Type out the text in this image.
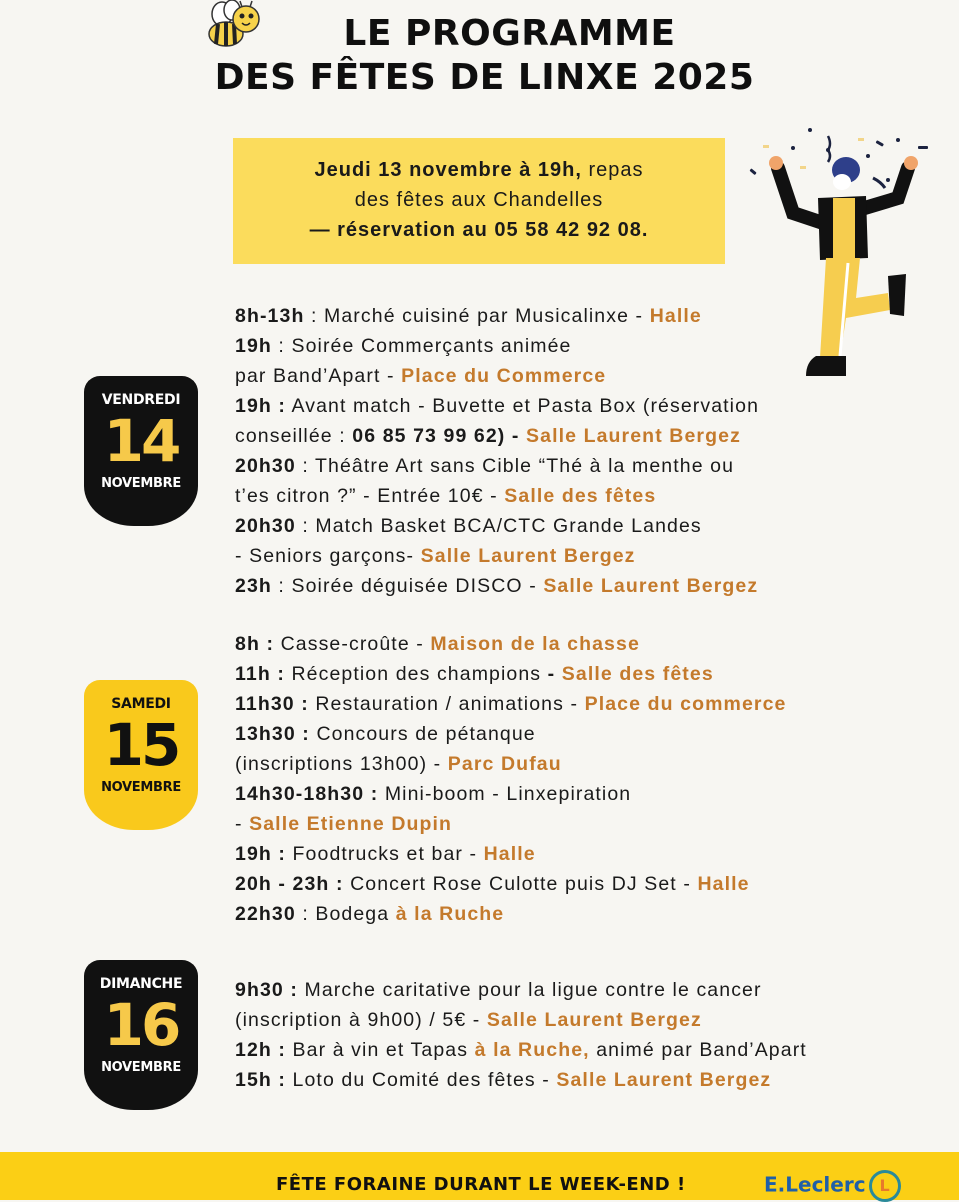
LE PROGRAMME
DES FÊTES DE LINXE 2025
Jeudi 13 novembre à 19h, repas
des fêtes aux Chandelles
— réservation au 05 58 42 92 08.
VENDREDI
14
NOVEMBRE
SAMEDI
15
NOVEMBRE
DIMANCHE
16
NOVEMBRE
8h-13h : Marché cuisiné par Musicalinxe - Halle
19h : Soirée Commerçants animée
par Band’Apart - Place du Commerce
19h : Avant match - Buvette et Pasta Box (réservation
conseillée : 06 85 73 99 62) - Salle Laurent Bergez
20h30 : Théâtre Art sans Cible “Thé à la menthe ou
t’es citron ?” - Entrée 10€ - Salle des fêtes
20h30 : Match Basket BCA/CTC Grande Landes
- Seniors garçons- Salle Laurent Bergez
23h : Soirée déguisée DISCO - Salle Laurent Bergez
8h : Casse-croûte - Maison de la chasse
11h : Réception des champions - Salle des fêtes
11h30 : Restauration / animations - Place du commerce
13h30 : Concours de pétanque
(inscriptions 13h00) - Parc Dufau
14h30-18h30 : Mini-boom - Linxepiration
- Salle Etienne Dupin
19h : Foodtrucks et bar - Halle
20h - 23h : Concert Rose Culotte puis DJ Set - Halle
22h30 : Bodega à la Ruche
9h30 : Marche caritative pour la ligue contre le cancer
(inscription à 9h00) / 5€ - Salle Laurent Bergez
12h : Bar à vin et Tapas à la Ruche, animé par Band’Apart
15h : Loto du Comité des fêtes - Salle Laurent Bergez
FÊTE FORAINE DURANT LE WEEK-END !	E.Leclerc L
